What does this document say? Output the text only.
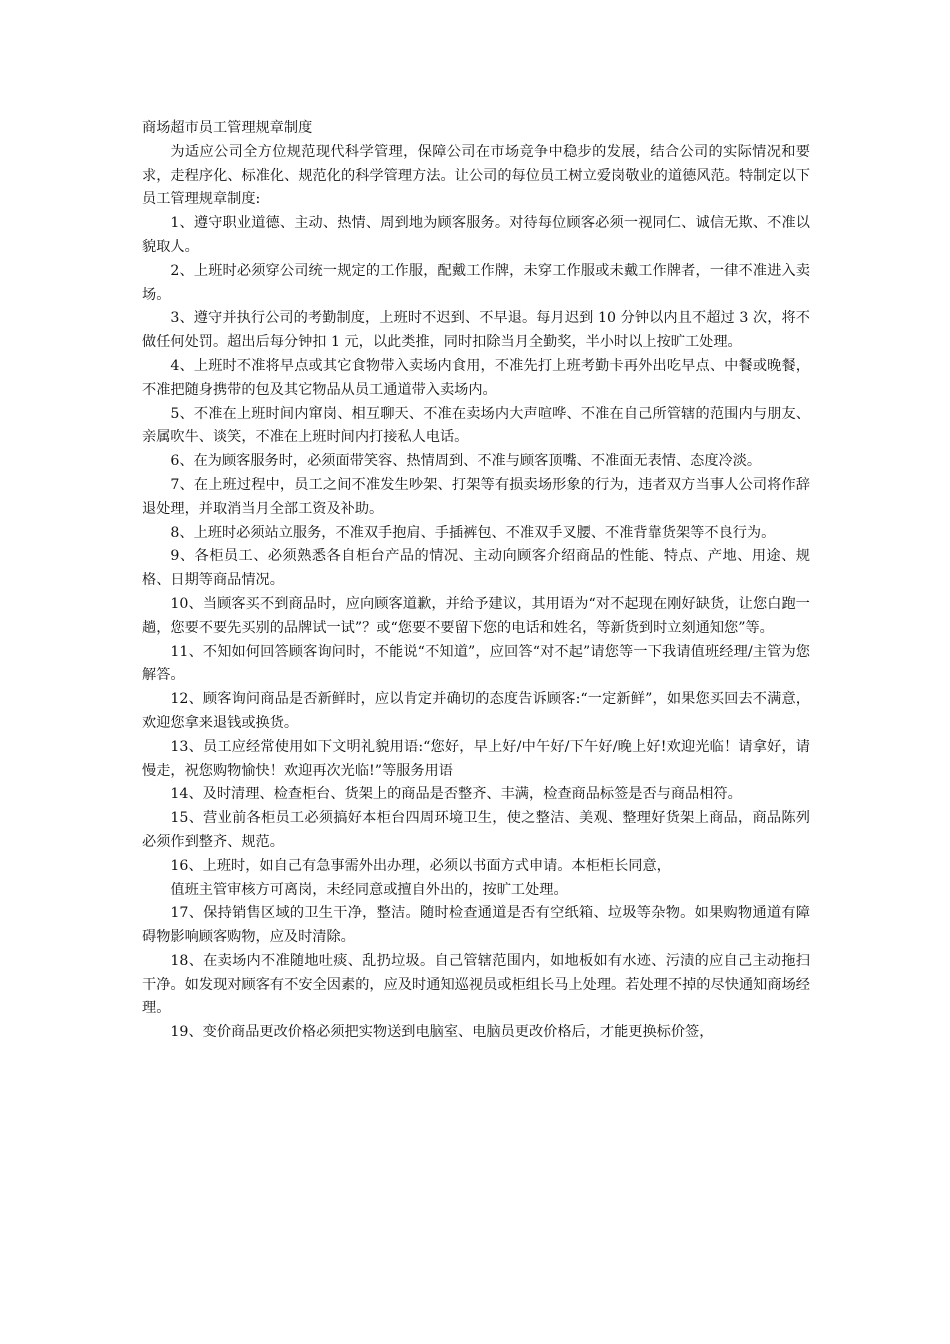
商场超市员工管理规章制度

为适应公司全方位规范现代科学管理，保障公司在市场竞争中稳步的发展，结合公司的实际情况和要求，走程序化、标准化、规范化的科学管理方法。让公司的每位员工树立爱岗敬业的道德风范。特制定以下员工管理规章制度:

1、遵守职业道德、主动、热情、周到地为顾客服务。对待每位顾客必须一视同仁、诚信无欺、不准以貌取人。

2、上班时必须穿公司统一规定的工作服，配戴工作牌，未穿工作服或未戴工作牌者，一律不准进入卖场。

3、遵守并执行公司的考勤制度，上班时不迟到、不早退。每月迟到 10 分钟以内且不超过 3 次，将不做任何处罚。超出后每分钟扣 1 元，以此类推，同时扣除当月全勤奖，半小时以上按旷工处理。

4、上班时不准将早点或其它食物带入卖场内食用，不准先打上班考勤卡再外出吃早点、中餐或晚餐，不准把随身携带的包及其它物品从员工通道带入卖场内。

5、不准在上班时间内窜岗、相互聊天、不准在卖场内大声喧哗、不准在自己所管辖的范围内与朋友、亲属吹牛、谈笑，不准在上班时间内打接私人电话。

6、在为顾客服务时，必须面带笑容、热情周到、不准与顾客顶嘴、不准面无表情、态度冷淡。

7、在上班过程中，员工之间不准发生吵架、打架等有损卖场形象的行为，违者双方当事人公司将作辞退处理，并取消当月全部工资及补助。

8、上班时必须站立服务，不准双手抱肩、手插裤包、不准双手叉腰、不准背靠货架等不良行为。

9、各柜员工、必须熟悉各自柜台产品的情况、主动向顾客介绍商品的性能、特点、产地、用途、规格、日期等商品情况。

10、当顾客买不到商品时，应向顾客道歉，并给予建议，其用语为“对不起现在刚好缺货，让您白跑一趟，您要不要先买别的品牌试一试”？或“您要不要留下您的电话和姓名，等新货到时立刻通知您”等。

11、不知如何回答顾客询问时，不能说“不知道”，应回答“对不起”请您等一下我请值班经理/主管为您解答。

12、顾客询问商品是否新鲜时，应以肯定并确切的态度告诉顾客:“一定新鲜”，如果您买回去不满意，欢迎您拿来退钱或换货。

13、员工应经常使用如下文明礼貌用语:“您好，早上好/中午好/下午好/晚上好!欢迎光临！请拿好，请慢走，祝您购物愉快！欢迎再次光临!”等服务用语

14、及时清理、检查柜台、货架上的商品是否整齐、丰满，检查商品标签是否与商品相符。

15、营业前各柜员工必须搞好本柜台四周环境卫生，使之整洁、美观、整理好货架上商品，商品陈列必须作到整齐、规范。

16、上班时，如自己有急事需外出办理，必须以书面方式申请。本柜柜长同意，

值班主管审核方可离岗，未经同意或擅自外出的，按旷工处理。

17、保持销售区域的卫生干净，整洁。随时检查通道是否有空纸箱、垃圾等杂物。如果购物通道有障碍物影响顾客购物，应及时清除。

18、在卖场内不准随地吐痰、乱扔垃圾。自己管辖范围内，如地板如有水迹、污渍的应自己主动拖扫干净。如发现对顾客有不安全因素的，应及时通知巡视员或柜组长马上处理。若处理不掉的尽快通知商场经理。

19、变价商品更改价格必须把实物送到电脑室、电脑员更改价格后，才能更换标价签，
